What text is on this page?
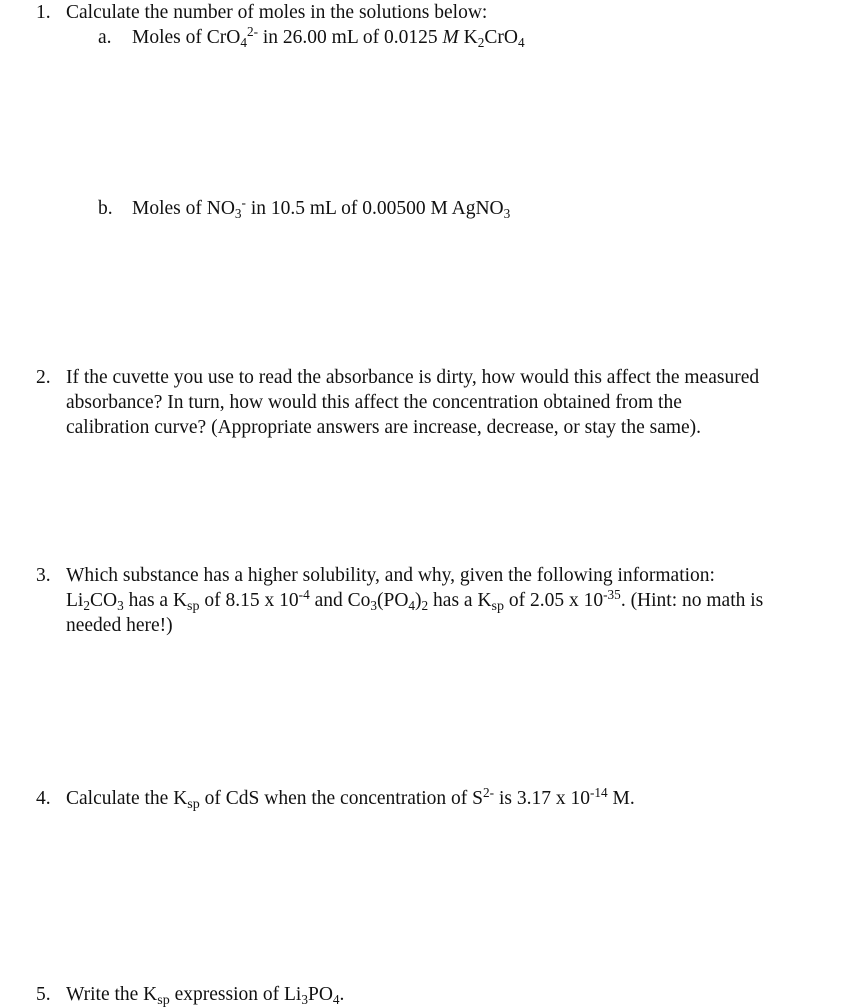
1. Calculate the number of moles in the solutions below:
a. Moles of CrO$_4^{2-}$ in 26.00 mL of 0.0125 M $K_2CrO_4$
b. Moles of $NO_3^-$ in 10.5 mL of 0.00500 M AgNO$_3$
2. If the cuvette you use to read the absorbance is dirty, how would this affect the measured
absorbance? In turn, how would this affect the concentration obtained from the
calibration curve? (Appropriate answers are increase, decrease, or stay the same).
3. Which substance has a higher solubility, and why, given the following information:
$Li_2CO_3$ has a $K_{sp}$ of 8.15 x $10^{-4}$ and $Co_3(PO_4)_2$ has a $K_{sp}$ of 2.05 x $10^{-35}$. (Hint: no math is
needed here!)
4. Calculate the $K_{sp}$ of CdS when the concentration of $S^{2-}$ is 3.17 x $10^{-14}$ M.
5. Write the $K_{sp}$ expression of $Li_3PO_4$.
